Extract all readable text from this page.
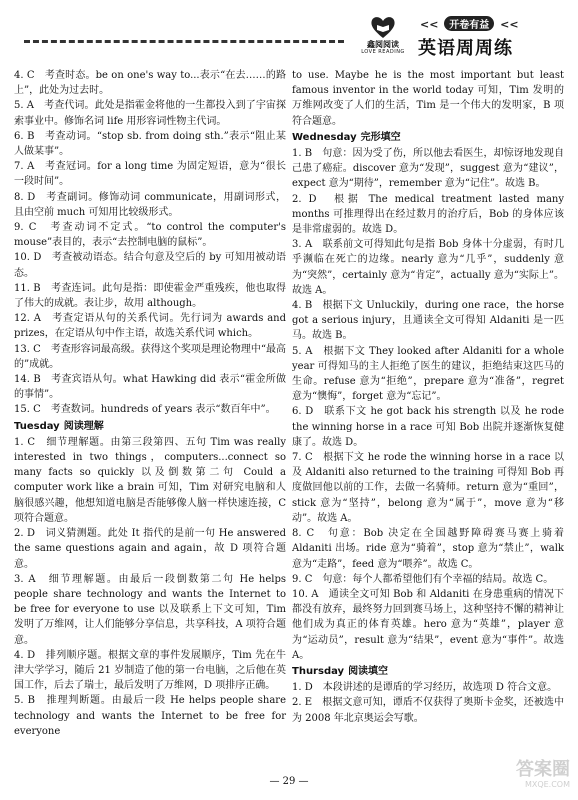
鑫阅阅读
LOVE READING
<< 开卷有益 <<
英语周周练

4. C　考查时态。be on one's way to...表示“在去……的路上”，此处为过去时。

5. A　考查代词。此处是指霍金将他的一生都投入到了宇宙探索事业中。修饰名词 life 用形容词性物主代词。

6. B　考查动词。“stop sb. from doing sth.”表示“阻止某人做某事”。

7. A　考查冠词。for a long time 为固定短语，意为“很长一段时间”。

8. D　考查副词。修饰动词 communicate，用副词形式，且由空前 much 可知用比较级形式。

9. C　考查动词不定式。“to control the computer's mouse”表目的，表示“去控制电脑的鼠标”。

10. D　考查被动语态。结合句意及空后的 by 可知用被动语态。

11. B　考查连词。此句是指：即使霍金严重残疾，他也取得了伟大的成就。表让步，故用 although。

12. A　考查定语从句的关系代词。先行词为 awards and prizes，在定语从句中作主语，故选关系代词 which。

13. C　考查形容词最高级。获得这个奖项是理论物理中“最高的”成就。

14. B　考查宾语从句。what Hawking did 表示“霍金所做的事情”。

15. C　考查数词。hundreds of years 表示“数百年中”。

Tuesday 阅读理解

1. C　细节理解题。由第三段第四、五句 Tim was really interested in two things，computers...connect so many facts so quickly 以及倒数第二句 Could a computer work like a brain 可知，Tim 对研究电脑和人脑很感兴趣，他想知道电脑是否能够像人脑一样快速连接，C 项符合题意。

2. D　词义猜测题。此处 It 指代的是前一句 He answered the same questions again and again，故 D 项符合题意。

3. A　细节理解题。由最后一段倒数第二句 He helps people share technology and wants the Internet to be free for everyone to use 以及联系上下文可知，Tim 发明了万维网，让人们能够分享信息，共享科技，A 项符合题意。

4. D　排列顺序题。根据文章的事件发展顺序，Tim 先在牛津大学学习，随后 21 岁制造了他的第一台电脑，之后他在英国工作，后去了瑞士，最后发明了万维网，D 项排序正确。

5. B　推理判断题。由最后一段 He helps people share technology and wants the Internet to be free for everyone

to use. Maybe he is the most important but least famous inventor in the world today 可知，Tim 发明的万维网改变了人们的生活，Tim 是一个伟大的发明家，B 项符合题意。

Wednesday 完形填空

1. B　句意：因为受了伤，所以他去看医生，却惊讶地发现自己患了癌症。discover 意为“发现”，suggest 意为“建议”，expect 意为“期待”，remember 意为“记住”。故选 B。

2. D　根据 The medical treatment lasted many months 可推理得出在经过数月的治疗后，Bob 的身体应该是非常虚弱的。故选 D。

3. A　联系前文可得知此句是指 Bob 身体十分虚弱，有时几乎濒临在死亡的边缘。nearly 意为“几乎”，suddenly 意为“突然”，certainly 意为“肯定”，actually 意为“实际上”。故选 A。

4. B　根据下文 Unluckily，during one race，the horse got a serious injury，且通读全文可得知 Aldaniti 是一匹马。故选 B。

5. A　根据下文 They looked after Aldaniti for a whole year 可得知马的主人拒绝了医生的建议，拒绝结束这匹马的生命。refuse 意为“拒绝”，prepare 意为“准备”，regret 意为“懊悔”，forget 意为“忘记”。

6. D　联系下文 he got back his strength 以及 he rode the winning horse in a race 可知 Bob 出院并逐渐恢复健康了。故选 D。

7. C　根据下文 he rode the winning horse in a race 以及 Aldaniti also returned to the training 可得知 Bob 再度做回他以前的工作，去做一名骑师。return 意为“重回”，stick 意为“坚持”，belong 意为“属于”，move 意为“移动”。故选 A。

8. C　句意：Bob 决定在全国越野障碍赛马赛上骑着 Aldaniti 出场。ride 意为“骑着”，stop 意为“禁止”，walk 意为“走路”，feed 意为“喂养”。故选 C。

9. C　句意：每个人都希望他们有个幸福的结局。故选 C。

10. A　通读全文可知 Bob 和 Aldaniti 在身患重病的情况下都没有放弃，最终努力回到赛马场上，这种坚持不懈的精神让他们成为真正的体育英雄。hero 意为“英雄”，player 意为“运动员”，result 意为“结果”，event 意为“事件”。故选 A。

Thursday 阅读填空

1. D　本段讲述的是谭盾的学习经历，故选项 D 符合文意。

2. E　根据文意可知，谭盾不仅获得了奥斯卡金奖，还被选中为 2008 年北京奥运会写歌。

— 29 —
答案圈
MXQE.COM
